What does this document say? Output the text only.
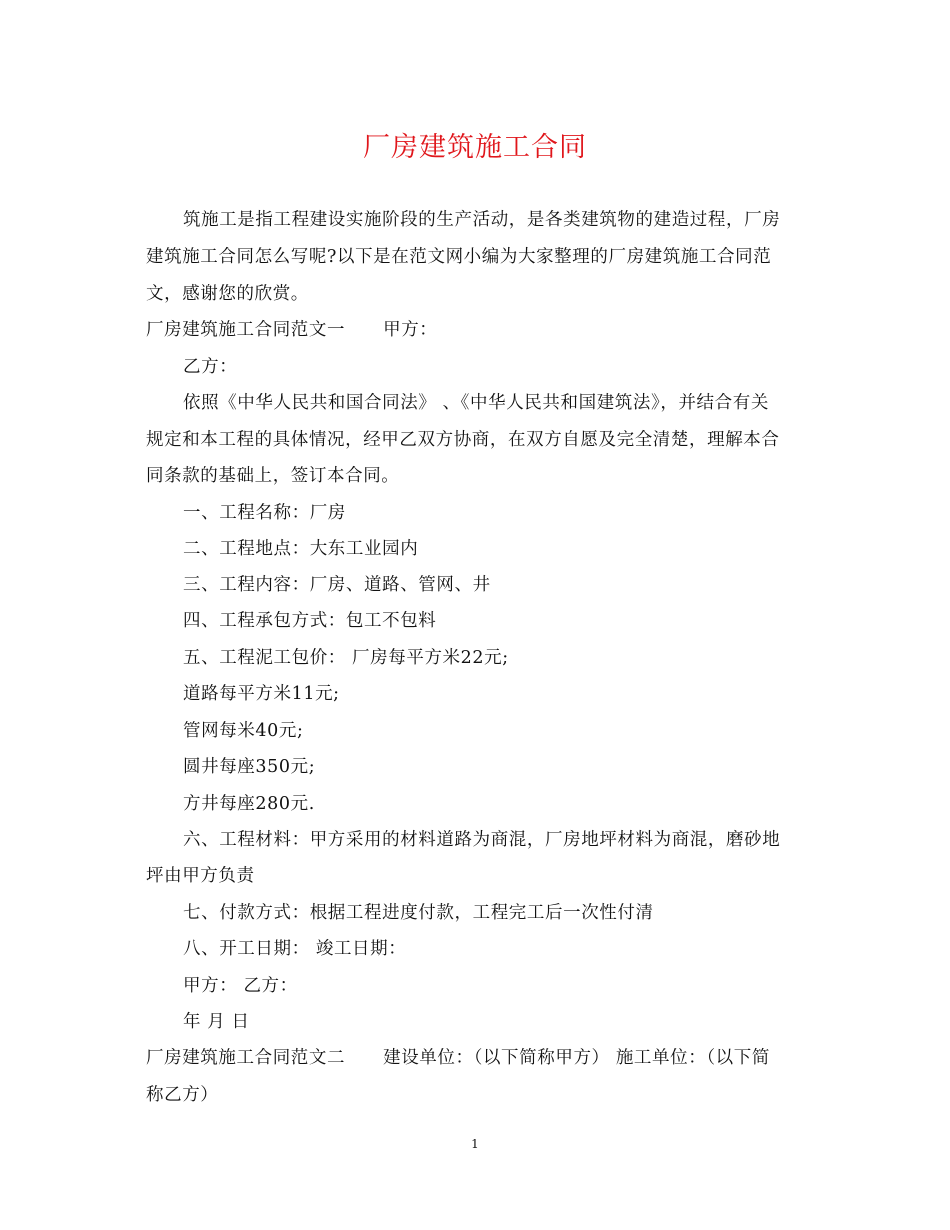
厂房建筑施工合同
筑施工是指工程建设实施阶段的生产活动，是各类建筑物的建造过程，厂房
建筑施工合同怎么写呢?以下是在范文网小编为大家整理的厂房建筑施工合同范
文，感谢您的欣赏。
厂房建筑施工合同范文一 甲方：
乙方：
依照《中华人民共和国合同法》 、《中华人民共和国建筑法》，并结合有关
规定和本工程的具体情况，经甲乙双方协商，在双方自愿及完全清楚，理解本合
同条款的基础上，签订本合同。
一、工程名称：厂房
二、工程地点：大东工业园内
三、工程内容：厂房、道路、管网、井
四、工程承包方式：包工不包料
五、工程泥工包价： 厂房每平方米22元;
道路每平方米11元;
管网每米40元;
圆井每座350元;
方井每座280元.
六、工程材料：甲方采用的材料道路为商混，厂房地坪材料为商混，磨砂地
坪由甲方负责
七、付款方式：根据工程进度付款，工程完工后一次性付清
八、开工日期： 竣工日期：
甲方： 乙方：
年 月 日
厂房建筑施工合同范文二 建设单位：（以下简称甲方） 施工单位：（以下简
称乙方）
1
